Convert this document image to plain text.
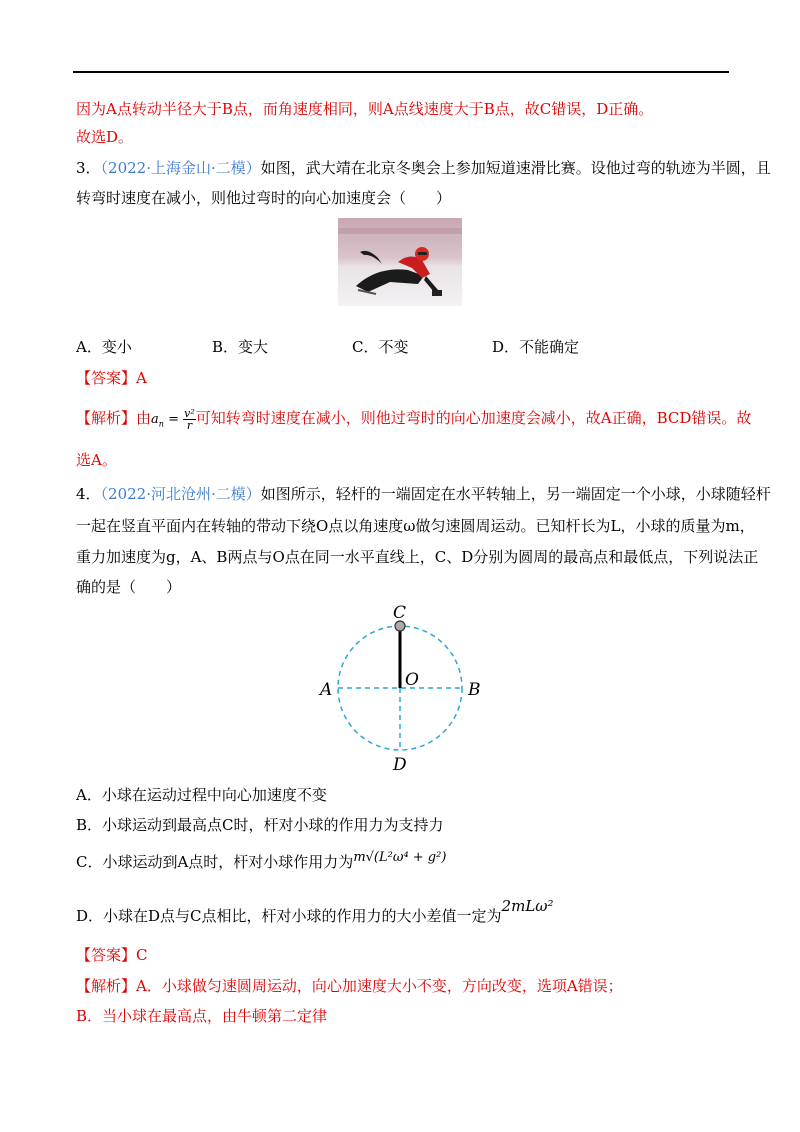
因为A点转动半径大于B点，而角速度相同，则A点线速度大于B点，故C错误，D正确。
故选D。
3．（2022·上海金山·二模）如图，武大靖在北京冬奥会上参加短道速滑比赛。设他过弯的轨迹为半圆，且
转弯时速度在减小，则他过弯时的向心加速度会（　　）
A．变小	B．变大	C．不变	D．不能确定
【答案】A
【解析】由$a_n = \frac{\text{v²}}{r}$ 可知转弯时速度在减小，则他过弯时的向心加速度会减小，故A正确，BCD错误。故
选A。
4．（2022·河北沧州·二模）如图所示，轻杆的一端固定在水平转轴上，另一端固定一个小球，小球随轻杆
一起在竖直平面内在转轴的带动下绕O点以角速度ω做匀速圆周运动。已知杆长为L，小球的质量为m，
重力加速度为g，A、B两点与O点在同一水平直线上，C、D分别为圆周的最高点和最低点，下列说法正
确的是（　　）
C
O
A	B
D
A．小球在运动过程中向心加速度不变
B．小球运动到最高点C时，杆对小球的作用力为支持力
C．小球运动到A点时，杆对小球作用力为m√(L²ω⁴ + g²)
D．小球在D点与C点相比，杆对小球的作用力的大小差值一定为2mLω²
【答案】C
【解析】A．小球做匀速圆周运动，向心加速度大小不变，方向改变，选项A错误；
B．当小球在最高点，由牛顿第二定律
